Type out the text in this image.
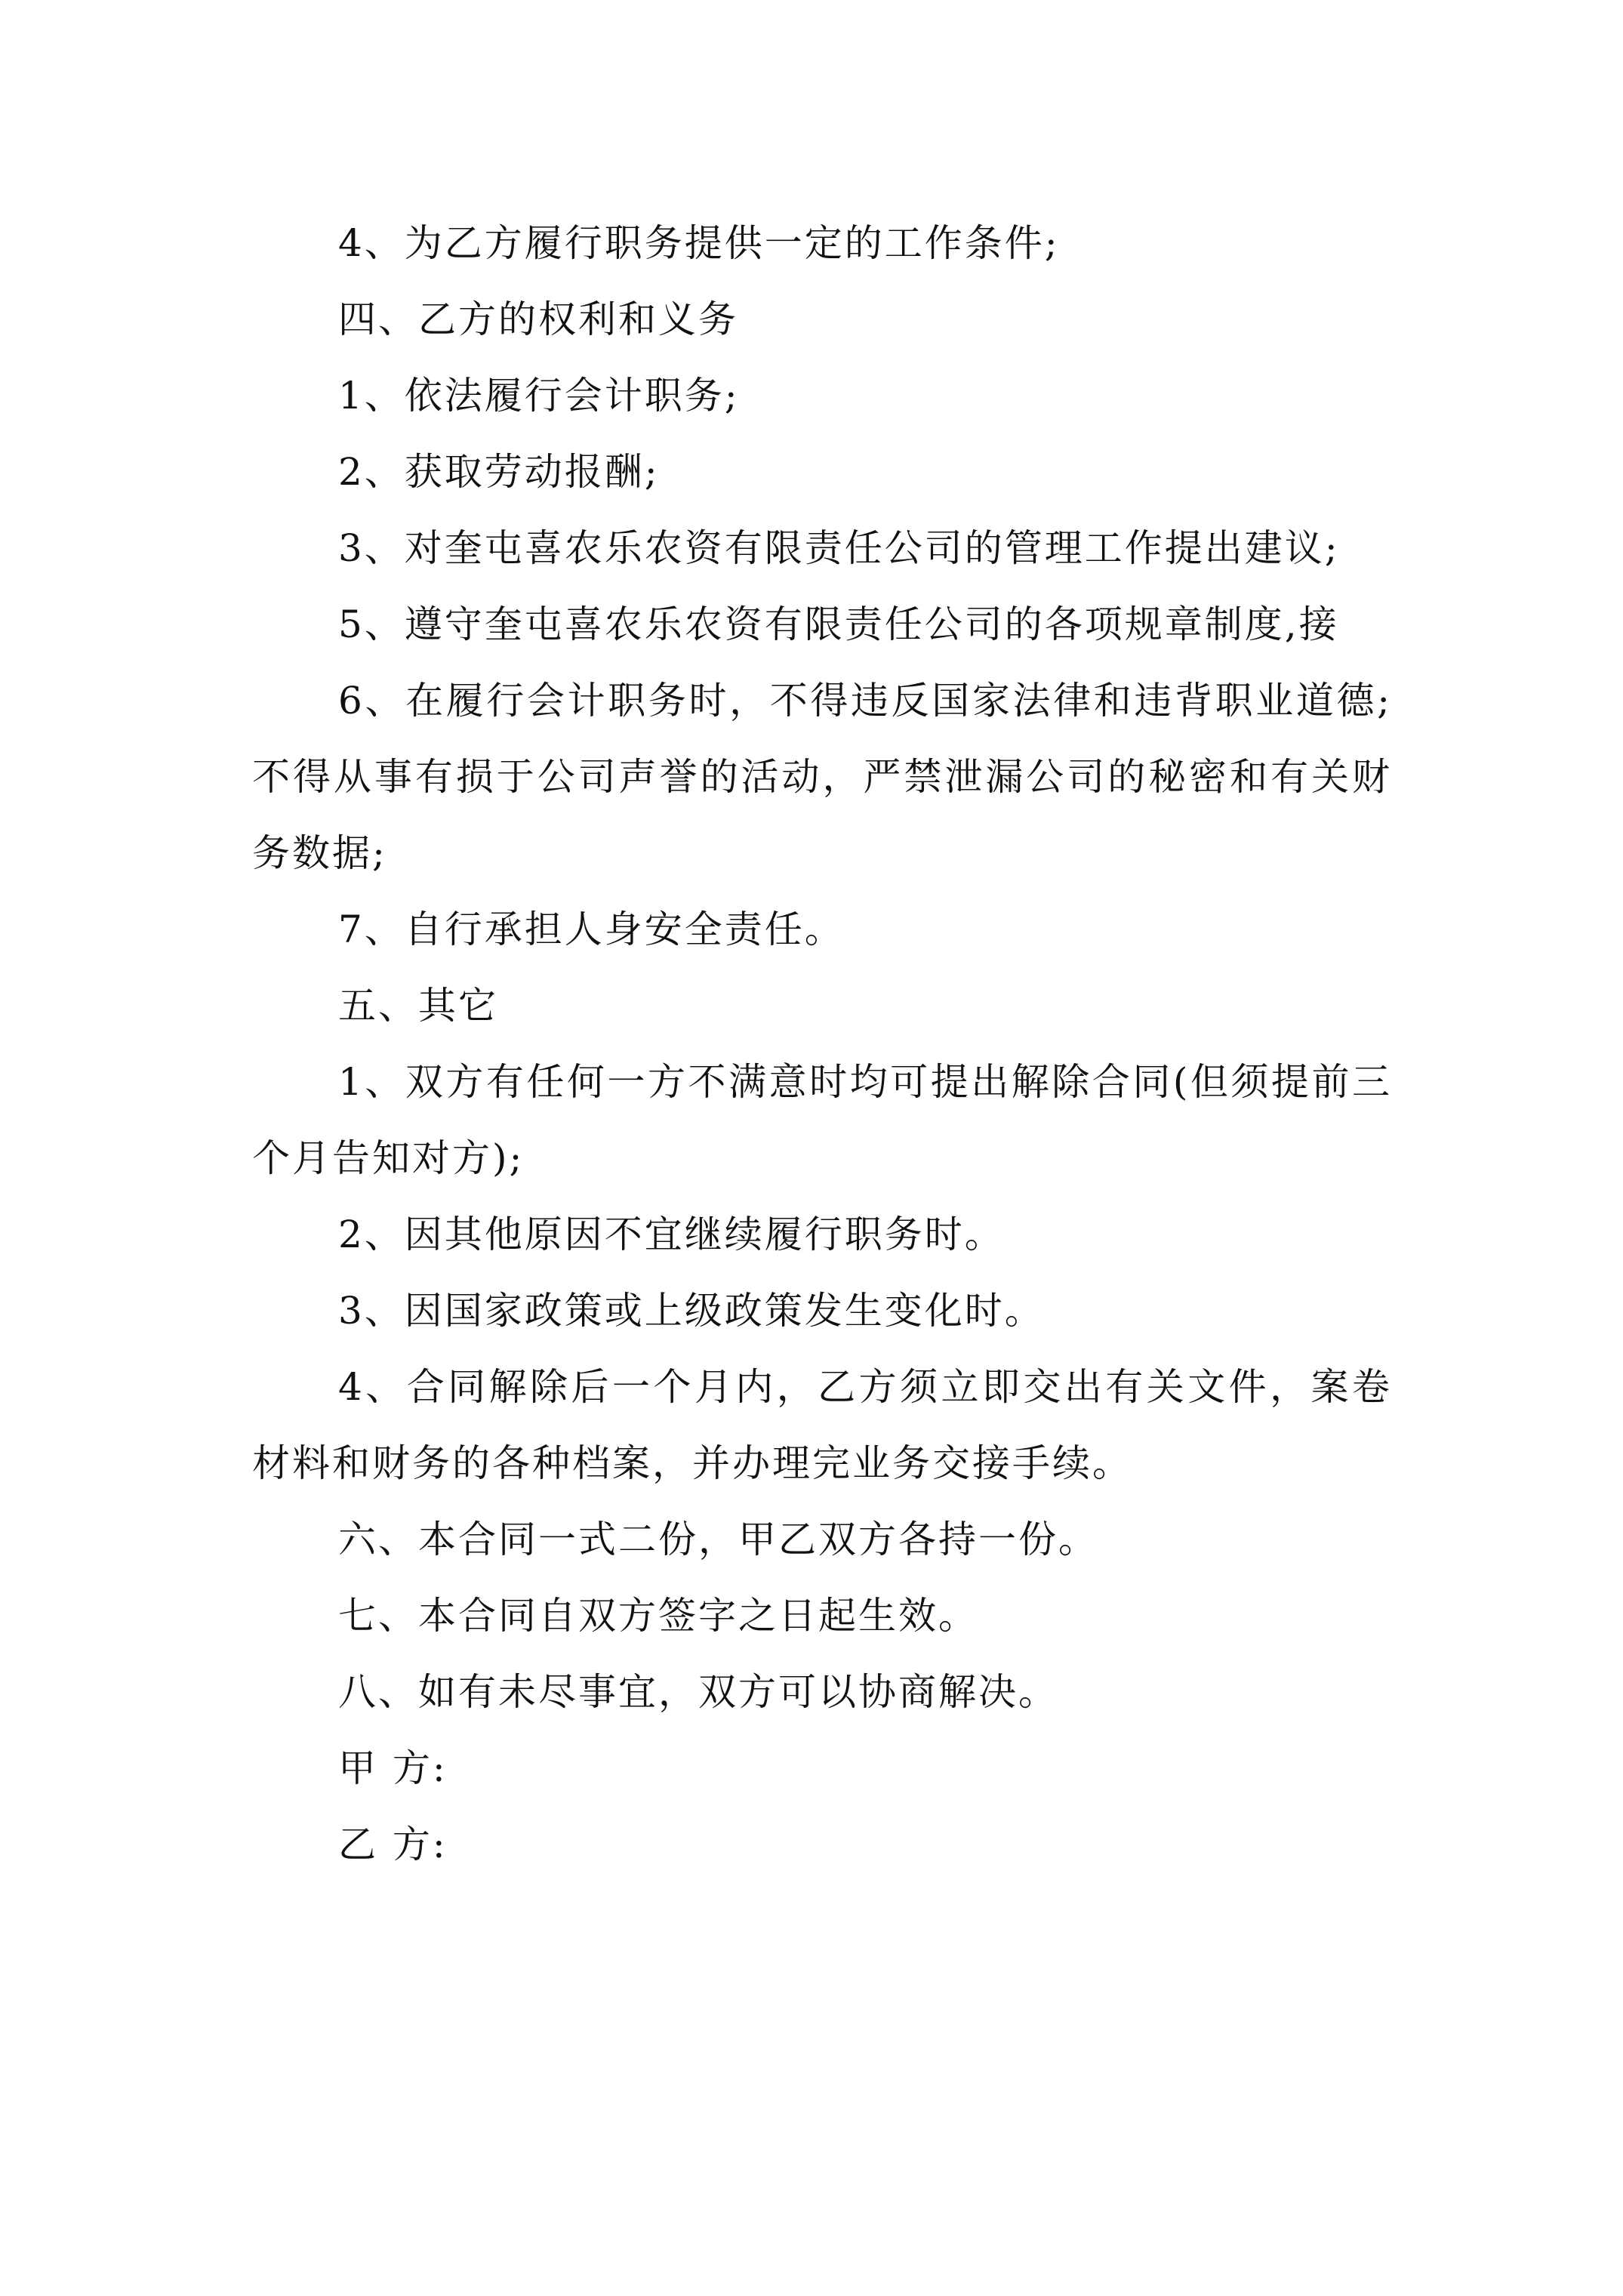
4、为乙方履行职务提供一定的工作条件;

四、乙方的权利和义务

1、依法履行会计职务;

2、获取劳动报酬;

3、对奎屯喜农乐农资有限责任公司的管理工作提出建议;

5、遵守奎屯喜农乐农资有限责任公司的各项规章制度,接

6、在履行会计职务时，不得违反国家法律和违背职业道德;不得从事有损于公司声誉的活动，严禁泄漏公司的秘密和有关财务数据;

7、自行承担人身安全责任。

五、其它

1、双方有任何一方不满意时均可提出解除合同(但须提前三个月告知对方);

2、因其他原因不宜继续履行职务时。

3、因国家政策或上级政策发生变化时。

4、合同解除后一个月内，乙方须立即交出有关文件，案卷材料和财务的各种档案，并办理完业务交接手续。

六、本合同一式二份，甲乙双方各持一份。

七、本合同自双方签字之日起生效。

八、如有未尽事宜，双方可以协商解决。

甲 方:

乙 方:
